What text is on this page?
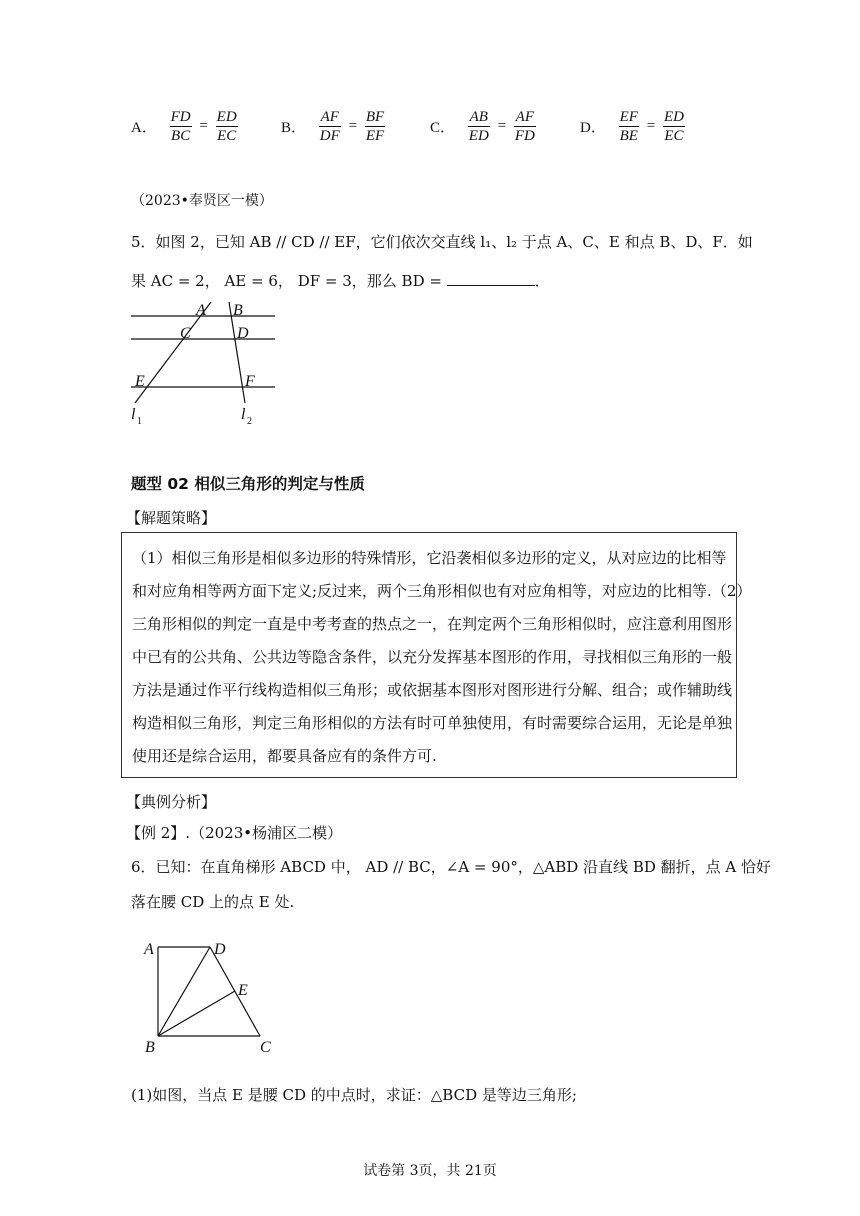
A． $\frac{FD}{BC} = \frac{ED}{EC}$	B． $\frac{AF}{DF} = \frac{BF}{EF}$	C． $\frac{AB}{ED} = \frac{AF}{FD}$	D． $\frac{EF}{BE} = \frac{ED}{EC}$
（2023•奉贤区一模）
5．如图 2，已知 AB // CD // EF，它们依次交直线 l₁、l₂ 于点 A、C、E 和点 B、D、F．如
果 AC = 2， AE = 6， DF = 3，那么 BD =	．
A B
C	D
E	F
l 1	l 2
题型 02 相似三角形的判定与性质
【解题策略】
（1）相似三角形是相似多边形的特殊情形，它沿袭相似多边形的定义，从对应边的比相等
和对应角相等两方面下定义;反过来，两个三角形相似也有对应角相等，对应边的比相等.（2）
三角形相似的判定一直是中考考查的热点之一，在判定两个三角形相似时，应注意利用图形
中已有的公共角、公共边等隐含条件，以充分发挥基本图形的作用，寻找相似三角形的一般
方法是通过作平行线构造相似三角形；或依据基本图形对图形进行分解、组合；或作辅助线
构造相似三角形，判定三角形相似的方法有时可单独使用，有时需要综合运用，无论是单独
使用还是综合运用，都要具备应有的条件方可.
【典例分析】
【例 2】.（2023•杨浦区二模）
6．已知：在直角梯形 ABCD 中， AD // BC，∠A = 90°，△ABD 沿直线 BD 翻折，点 A 恰好
落在腰 CD 上的点 E 处.
A	D
E
B	C
(1)如图，当点 E 是腰 CD 的中点时，求证：△BCD 是等边三角形;
试卷第 3页，共 21页
